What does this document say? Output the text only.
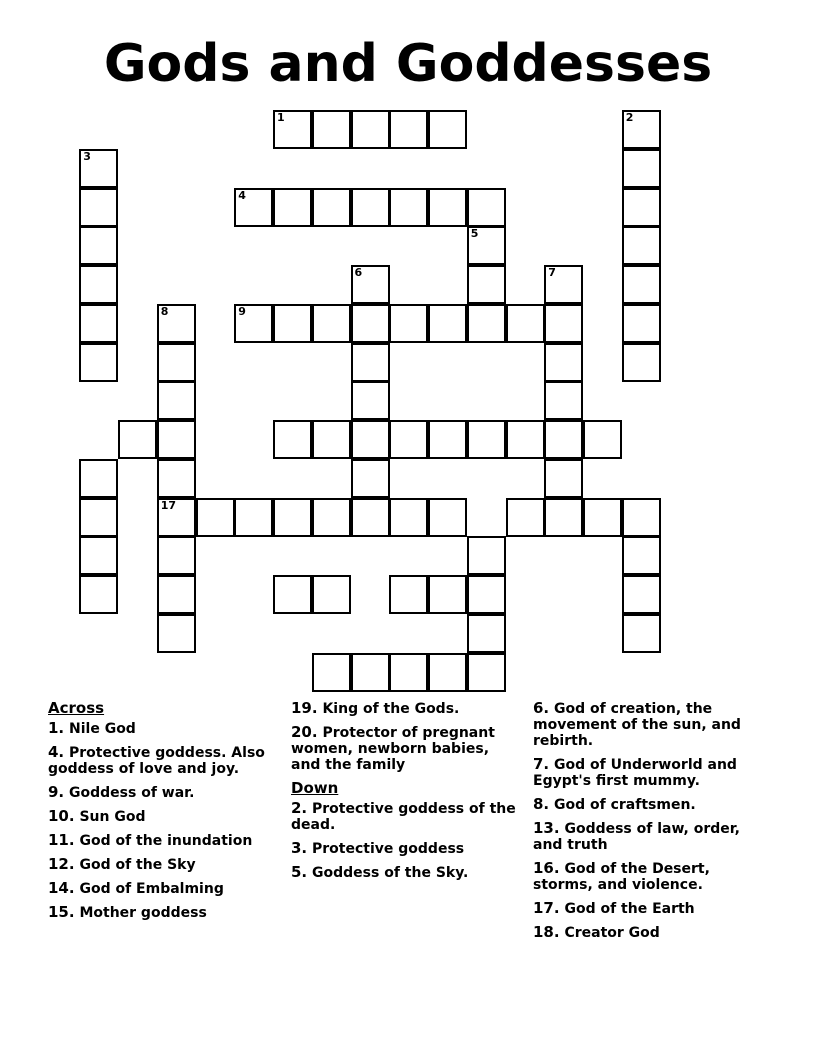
Gods and Goddesses
1	2
3
4
5
6	7
8
17
9
Across
1. Nile God
4. Protective goddess. Also goddess of love and joy.
9. Goddess of war.
10. Sun God
11. God of the inundation
12. God of the Sky
14. God of Embalming
15. Mother goddess
19. King of the Gods.
20. Protector of pregnant women, newborn babies, and the family
Down
2. Protective goddess of the dead.
3. Protective goddess
5. Goddess of the Sky.
6. God of creation, the movement of the sun, and rebirth.
7. God of Underworld and Egypt's first mummy.
8. God of craftsmen.
13. Goddess of law, order, and truth
16. God of the Desert, storms, and violence.
17. God of the Earth
18. Creator God
